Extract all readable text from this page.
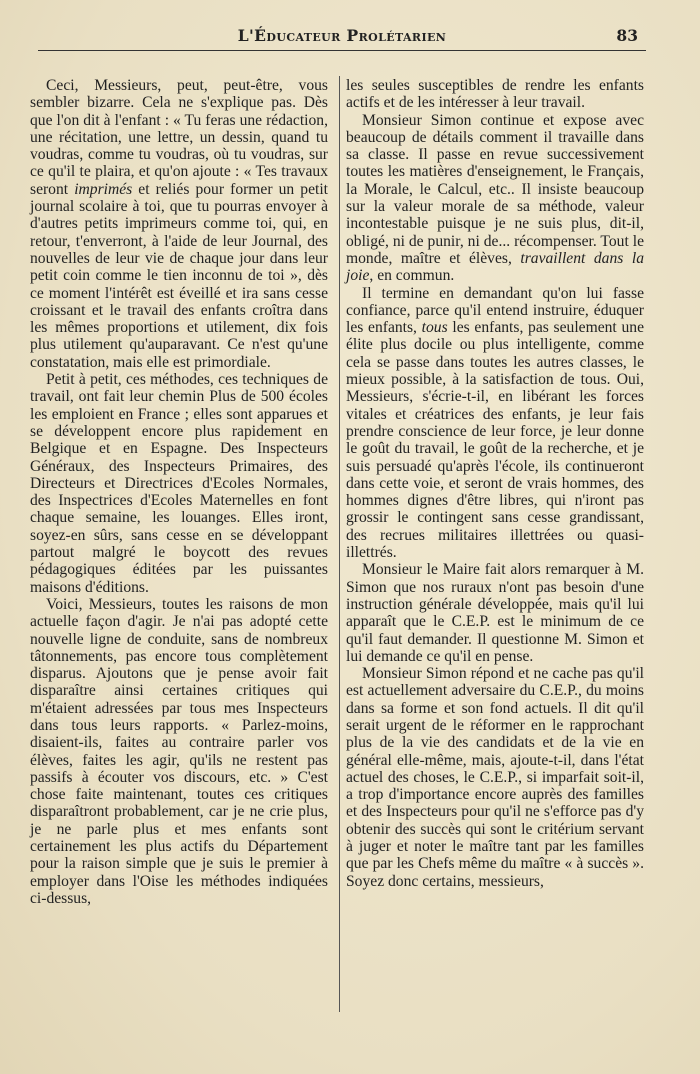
L'Éducateur Prolétarien	83

Ceci, Messieurs, peut, peut-être, vous sembler bizarre. Cela ne s'explique pas. Dès que l'on dit à l'enfant : « Tu feras une rédaction, une récitation, une lettre, un dessin, quand tu voudras, comme tu voudras, où tu voudras, sur ce qu'il te plaira, et qu'on ajoute : « Tes travaux seront imprimés et reliés pour former un petit journal scolaire à toi, que tu pourras envoyer à d'autres petits imprimeurs comme toi, qui, en retour, t'enverront, à l'aide de leur Journal, des nouvelles de leur vie de chaque jour dans leur petit coin comme le tien inconnu de toi », dès ce moment l'intérêt est éveillé et ira sans cesse croissant et le travail des enfants croîtra dans les mêmes proportions et utilement, dix fois plus utilement qu'auparavant. Ce n'est qu'une constatation, mais elle est primordiale.

Petit à petit, ces méthodes, ces techniques de travail, ont fait leur chemin Plus de 500 écoles les emploient en France ; elles sont apparues et se développent encore plus rapidement en Belgique et en Espagne. Des Inspecteurs Généraux, des Inspecteurs Primaires, des Directeurs et Directrices d'Ecoles Normales, des Inspectrices d'Ecoles Maternelles en font chaque semaine, les louanges. Elles iront, soyez-en sûrs, sans cesse en se développant partout malgré le boycott des revues pédagogiques éditées par les puissantes maisons d'éditions.

Voici, Messieurs, toutes les raisons de mon actuelle façon d'agir. Je n'ai pas adopté cette nouvelle ligne de conduite, sans de nombreux tâtonnements, pas encore tous complètement disparus. Ajoutons que je pense avoir fait disparaître ainsi certaines critiques qui m'étaient adressées par tous mes Inspecteurs dans tous leurs rapports. « Parlez-moins, disaient-ils, faites au contraire parler vos élèves, faites les agir, qu'ils ne restent pas passifs à écouter vos discours, etc. » C'est chose faite maintenant, toutes ces critiques disparaîtront probablement, car je ne crie plus, je ne parle plus et mes enfants sont certainement les plus actifs du Département pour la raison simple que je suis le premier à employer dans l'Oise les méthodes indiquées ci-dessus,

les seules susceptibles de rendre les enfants actifs et de les intéresser à leur travail.

Monsieur Simon continue et expose avec beaucoup de détails comment il travaille dans sa classe. Il passe en revue successivement toutes les matières d'enseignement, le Français, la Morale, le Calcul, etc.. Il insiste beaucoup sur la valeur morale de sa méthode, valeur incontestable puisque je ne suis plus, dit-il, obligé, ni de punir, ni de... récompenser. Tout le monde, maître et élèves, travaillent dans la joie, en commun.

Il termine en demandant qu'on lui fasse confiance, parce qu'il entend instruire, éduquer les enfants, tous les enfants, pas seulement une élite plus docile ou plus intelligente, comme cela se passe dans toutes les autres classes, le mieux possible, à la satisfaction de tous. Oui, Messieurs, s'écrie-t-il, en libérant les forces vitales et créatrices des enfants, je leur fais prendre conscience de leur force, je leur donne le goût du travail, le goût de la recherche, et je suis persuadé qu'après l'école, ils continueront dans cette voie, et seront de vrais hommes, des hommes dignes d'être libres, qui n'iront pas grossir le contingent sans cesse grandissant, des recrues militaires illettrées ou quasi-illettrés.

Monsieur le Maire fait alors remarquer à M. Simon que nos ruraux n'ont pas besoin d'une instruction générale développée, mais qu'il lui apparaît que le C.E.P. est le minimum de ce qu'il faut demander. Il questionne M. Simon et lui demande ce qu'il en pense.

Monsieur Simon répond et ne cache pas qu'il est actuellement adversaire du C.E.P., du moins dans sa forme et son fond actuels. Il dit qu'il serait urgent de le réformer en le rapprochant plus de la vie des candidats et de la vie en général elle-même, mais, ajoute-t-il, dans l'état actuel des choses, le C.E.P., si imparfait soit-il, a trop d'importance encore auprès des familles et des Inspecteurs pour qu'il ne s'efforce pas d'y obtenir des succès qui sont le critérium servant à juger et noter le maître tant par les familles que par les Chefs même du maître « à succès ». Soyez donc certains, messieurs,
